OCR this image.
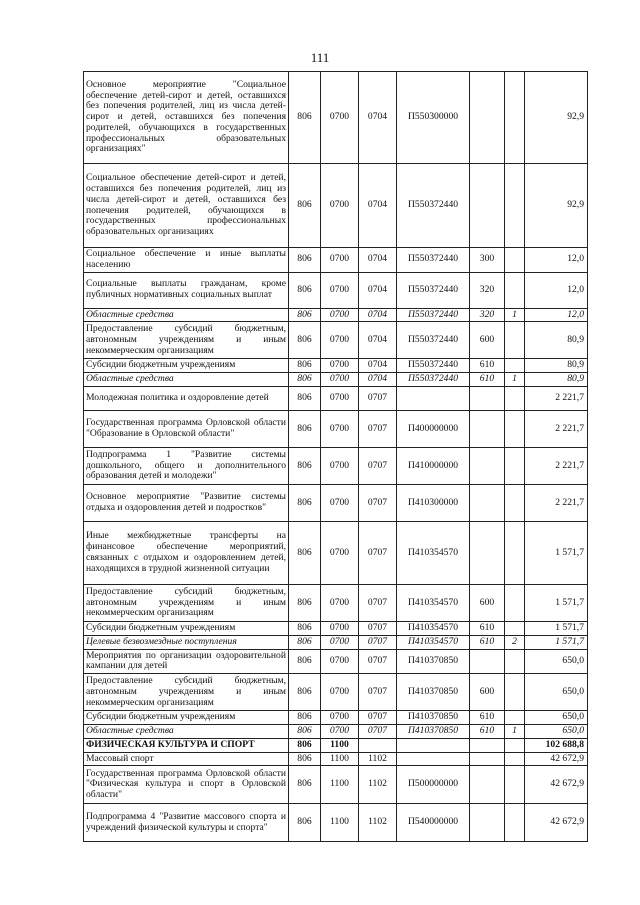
111
Основное мероприятие "Социальное обеспечение детей-сирот и детей, оставшихся без попечения родителей, лиц из числа детей-сирот и детей, оставшихся без попечения родителей, обучающихся в государственных профессиональных образовательных организациях"	806	0700	0704	П550300000			92,9
Социальное обеспечение детей-сирот и детей, оставшихся без попечения родителей, лиц из числа детей-сирот и детей, оставшихся без попечения родителей, обучающихся в государственных профессиональных образовательных организациях	806	0700	0704	П550372440			92,9
Социальное обеспечение и иные выплаты населению	806	0700	0704	П550372440	300		12,0
Социальные выплаты гражданам, кроме публичных нормативных социальных выплат	806	0700	0704	П550372440	320		12,0
Областные средства	806	0700	0704	П550372440	320	1	12,0
Предоставление субсидий бюджетным, автономным учреждениям и иным некоммерческим организациям	806	0700	0704	П550372440	600		80,9
Субсидии бюджетным учреждениям	806	0700	0704	П550372440	610		80,9
Областные средства	806	0700	0704	П550372440	610	1	80,9
Молодежная политика и оздоровление детей	806	0700	0707				2 221,7
Государственная программа Орловской области "Образование в Орловской области"	806	0700	0707	П400000000			2 221,7
Подпрограмма 1 "Развитие системы дошкольного, общего и дополнительного образования детей и молодежи"	806	0700	0707	П410000000			2 221,7
Основное мероприятие "Развитие системы отдыха и оздоровления детей и подростков"	806	0700	0707	П410300000			2 221,7
Иные межбюджетные трансферты на финансовое обеспечение мероприятий, связанных с отдыхом и оздоровлением детей, находящихся в трудной жизненной ситуации	806	0700	0707	П410354570			1 571,7
Предоставление субсидий бюджетным, автономным учреждениям и иным некоммерческим организациям	806	0700	0707	П410354570	600		1 571,7
Субсидии бюджетным учреждениям	806	0700	0707	П410354570	610		1 571,7
Целевые безвозмездные поступления	806	0700	0707	П410354570	610	2	1 571,7
Мероприятия по организации оздоровительной кампании для детей	806	0700	0707	П410370850			650,0
Предоставление субсидий бюджетным, автономным учреждениям и иным некоммерческим организациям	806	0700	0707	П410370850	600		650,0
Субсидии бюджетным учреждениям	806	0700	0707	П410370850	610		650,0
Областные средства	806	0700	0707	П410370850	610	1	650,0
ФИЗИЧЕСКАЯ КУЛЬТУРА И СПОРТ	806	1100					102 688,8
Массовый спорт	806	1100	1102				42 672,9
Государственная программа Орловской области "Физическая культура и спорт в Орловской области"	806	1100	1102	П500000000			42 672,9
Подпрограмма 4 "Развитие массового спорта и учреждений физической культуры и спорта"	806	1100	1102	П540000000			42 672,9
